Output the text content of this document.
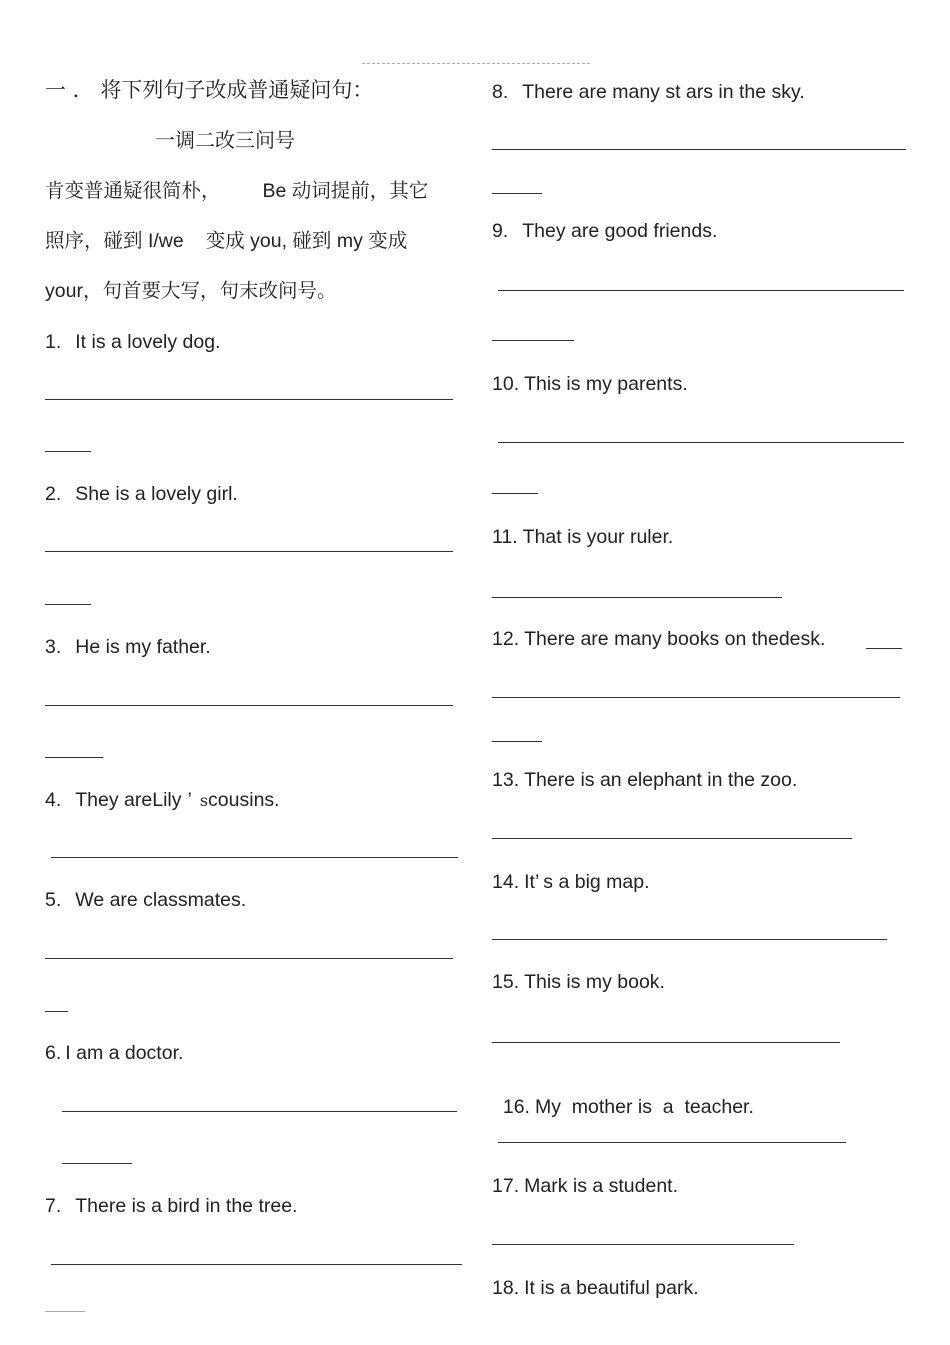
一 ． 将下列句子改成普通疑问句：
一调二改三问号
肯变普通疑很简朴， Be 动词提前，其它
照序，碰到 I/we 变成 you, 碰到 my 变成
your，句首要大写，句末改问号。
1. It is a lovely dog.
2. She is a lovely girl.
3. He is my father.
4. They areLily ’ scousins.
5. We are classmates.
6. I am a doctor.
7. There is a bird in the tree.
8. There are many st ars in the sky.
9. They are good friends.
10. This is my parents.
11. That is your ruler.
12. There are many books on thedesk.
13. There is an elephant in the zoo.
14. It’ s a big map.
15. This is my book.

16. My  mother is  a  teacher.

17. Mark is a student.
18. It is a beautiful park.
